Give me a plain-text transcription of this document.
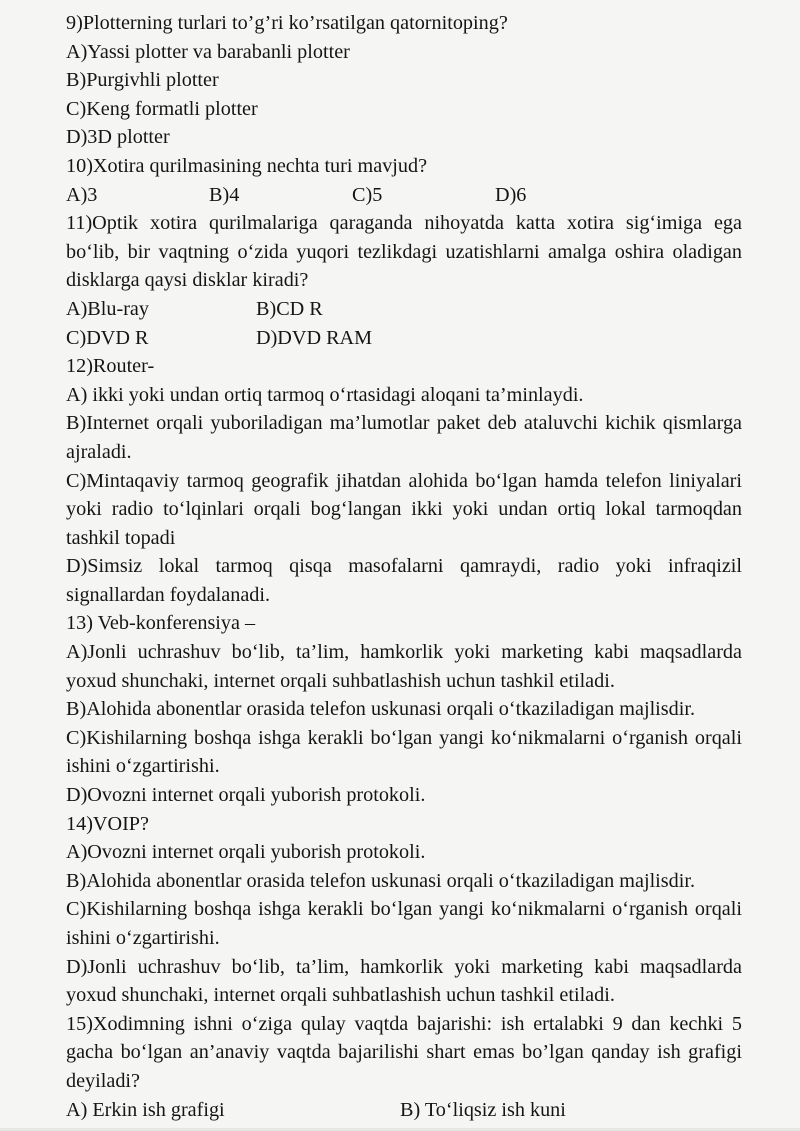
9)Plotterning turlari to’g’ri ko’rsatilgan qatornitoping?
A)Yassi plotter va barabanli plotter
B)Purgivhli plotter
C)Keng formatli plotter
D)3D plotter
10)Xotira qurilmasining nechta turi mavjud?
A)3	B)4	C)5	D)6
11)Optik xotira qurilmalariga qaraganda nihoyatda katta xotira sig‘imiga ega bo‘lib, bir vaqtning o‘zida yuqori tezlikdagi uzatishlarni amalga oshira oladigan disklarga qaysi disklar kiradi?
A)Blu-ray	B)CD R
C)DVD R	D)DVD RAM
12)Router-
A) ikki yoki undan ortiq tarmoq o‘rtasidagi aloqani ta’minlaydi.
B)Internet orqali yuboriladigan ma’lumotlar paket deb ataluvchi kichik qismlarga ajraladi.
C)Mintaqaviy tarmoq geografik jihatdan alohida bo‘lgan hamda telefon liniyalari yoki radio to‘lqinlari orqali bog‘langan ikki yoki undan ortiq lokal tarmoqdan tashkil topadi
D)Simsiz lokal tarmoq qisqa masofalarni qamraydi, radio yoki infraqizil signallardan foydalanadi.
13) Veb-konferensiya –
A)Jonli uchrashuv bo‘lib, ta’lim, hamkorlik yoki marketing kabi maqsadlarda yoxud shunchaki, internet orqali suhbatlashish uchun tashkil etiladi.
B)Alohida abonentlar orasida telefon uskunasi orqali o‘tkaziladigan majlisdir.
C)Kishilarning boshqa ishga kerakli bo‘lgan yangi ko‘nikmalarni o‘rganish orqali ishini o‘zgartirishi.
D)Ovozni internet orqali yuborish protokoli.
14)VOIP?
A)Ovozni internet orqali yuborish protokoli.
B)Alohida abonentlar orasida telefon uskunasi orqali o‘tkaziladigan majlisdir.
C)Kishilarning boshqa ishga kerakli bo‘lgan yangi ko‘nikmalarni o‘rganish orqali ishini o‘zgartirishi.
D)Jonli uchrashuv bo‘lib, ta’lim, hamkorlik yoki marketing kabi maqsadlarda yoxud shunchaki, internet orqali suhbatlashish uchun tashkil etiladi.
15)Xodimning ishni o‘ziga qulay vaqtda bajarishi: ish ertalabki 9 dan kechki 5 gacha bo‘lgan an’anaviy vaqtda bajarilishi shart emas bo’lgan qanday ish grafigi deyiladi?
A) Erkin ish grafigi	B) To‘liqsiz ish kuni
